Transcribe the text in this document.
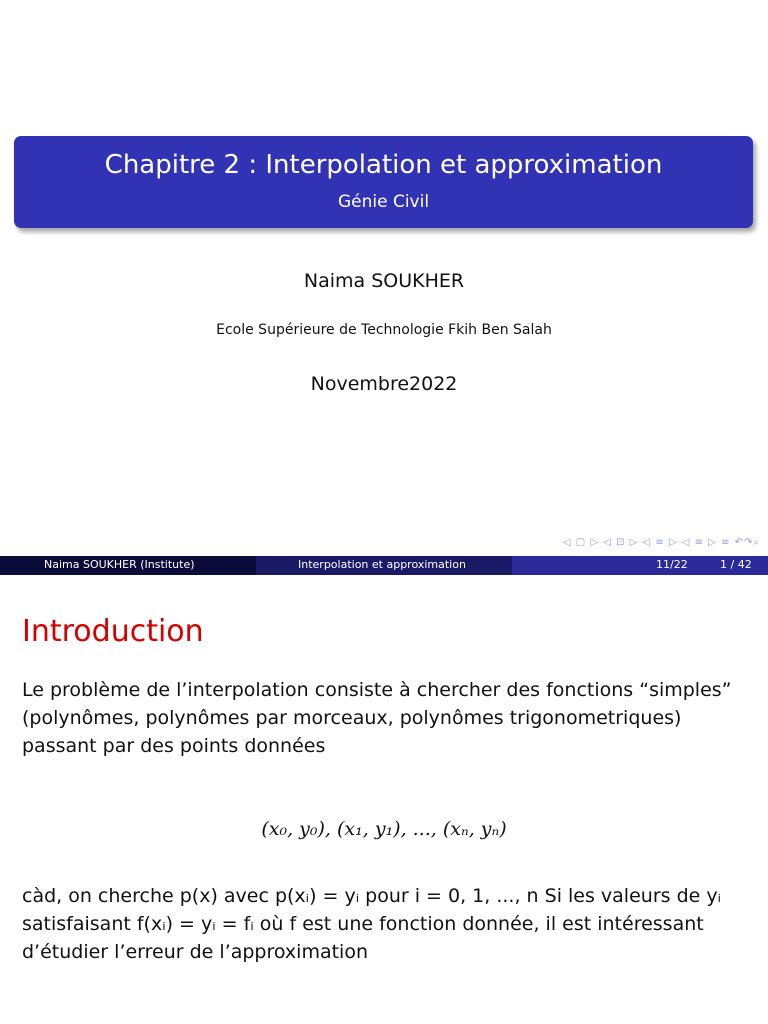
Chapitre 2 : Interpolation et approximation
Génie Civil
Naima SOUKHER
Ecole Supérieure de Technologie Fkih Ben Salah
Novembre2022
◁ ▢ ▷ ◁ ⊡ ▷ ◁ ≡ ▷ ◁ ≡ ▷ ≡ ↶↷⌕
Naima SOUKHER (Institute)	Interpolation et approximation	11/22	1 / 42
Introduction
Le problème de l’interpolation consiste à chercher des fonctions “simples” (polynômes, polynômes par morceaux, polynômes trigonometriques) passant par des points données
(x₀, y₀), (x₁, y₁), ..., (xₙ, yₙ)
càd, on cherche p(x) avec p(xᵢ) = yᵢ pour i = 0, 1, ..., n Si les valeurs de yᵢ satisfaisant f(xᵢ) = yᵢ = fᵢ où f est une fonction donnée, il est intéressant d’étudier l’erreur de l’approximation
